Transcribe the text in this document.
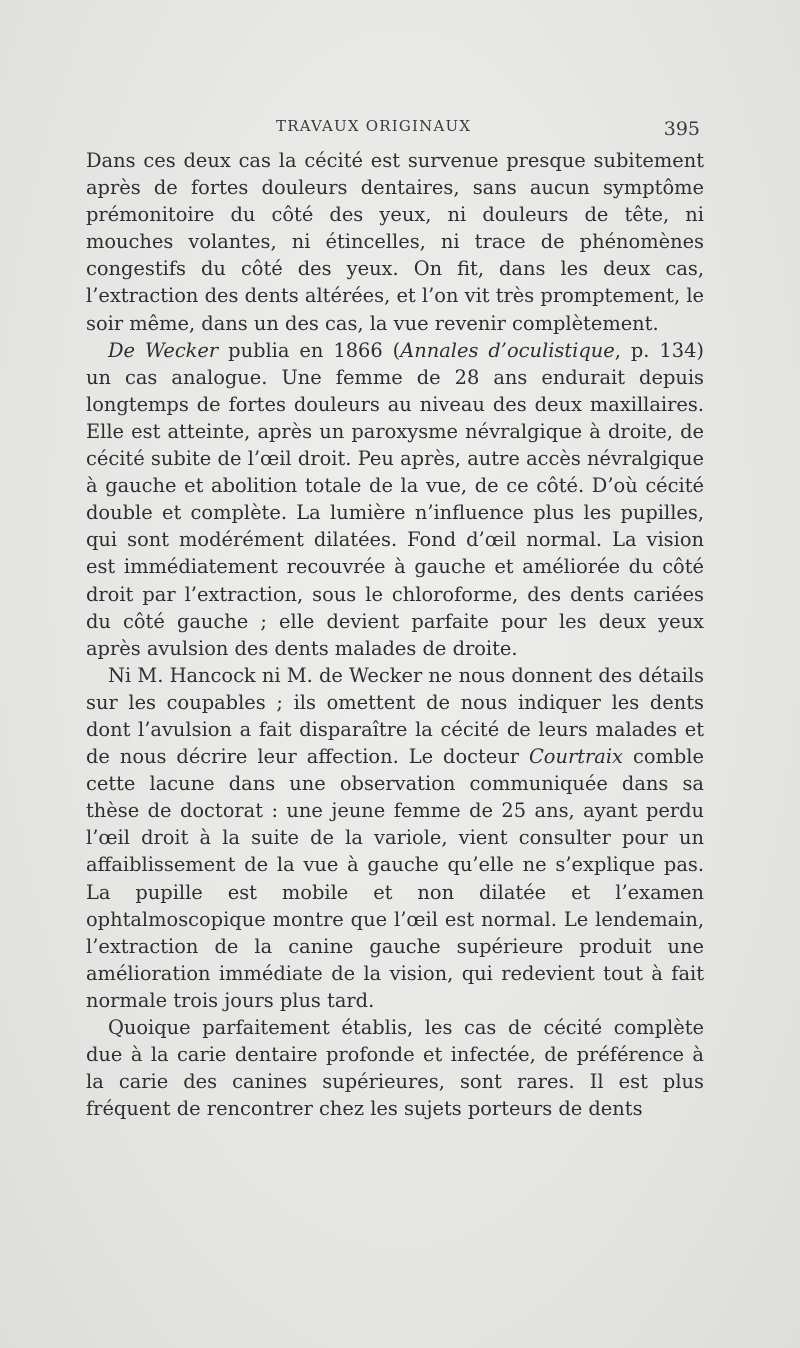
TRAVAUX ORIGINAUX	395

Dans ces deux cas la cécité est survenue presque subitement après de fortes douleurs dentaires, sans aucun symptôme prémonitoire du côté des yeux, ni douleurs de tête, ni mouches volantes, ni étincelles, ni trace de phénomènes congestifs du côté des yeux. On fit, dans les deux cas, l’extraction des dents altérées, et l’on vit très promptement, le soir même, dans un des cas, la vue revenir complètement.

De Wecker publia en 1866 (Annales d’oculistique, p. 134) un cas analogue. Une femme de 28 ans endurait depuis longtemps de fortes douleurs au niveau des deux maxillaires. Elle est atteinte, après un paroxysme névralgique à droite, de cécité subite de l’œil droit. Peu après, autre accès névralgique à gauche et abolition totale de la vue, de ce côté. D’où cécité double et complète. La lumière n’influence plus les pupilles, qui sont modérément dilatées. Fond d’œil normal. La vision est immédiatement recouvrée à gauche et améliorée du côté droit par l’extraction, sous le chloroforme, des dents cariées du côté gauche ; elle devient parfaite pour les deux yeux après avulsion des dents malades de droite.

Ni M. Hancock ni M. de Wecker ne nous donnent des détails sur les coupables ; ils omettent de nous indiquer les dents dont l’avulsion a fait disparaître la cécité de leurs malades et de nous décrire leur affection. Le docteur Courtraix comble cette lacune dans une observation communiquée dans sa thèse de doctorat : une jeune femme de 25 ans, ayant perdu l’œil droit à la suite de la variole, vient consulter pour un affaiblissement de la vue à gauche qu’elle ne s’explique pas. La pupille est mobile et non dilatée et l’examen ophtalmoscopique montre que l’œil est normal. Le lendemain, l’extraction de la canine gauche supérieure produit une amélioration immédiate de la vision, qui redevient tout à fait normale trois jours plus tard.

Quoique parfaitement établis, les cas de cécité complète due à la carie dentaire profonde et infectée, de préférence à la carie des canines supérieures, sont rares. Il est plus fréquent de rencontrer chez les sujets porteurs de dents
